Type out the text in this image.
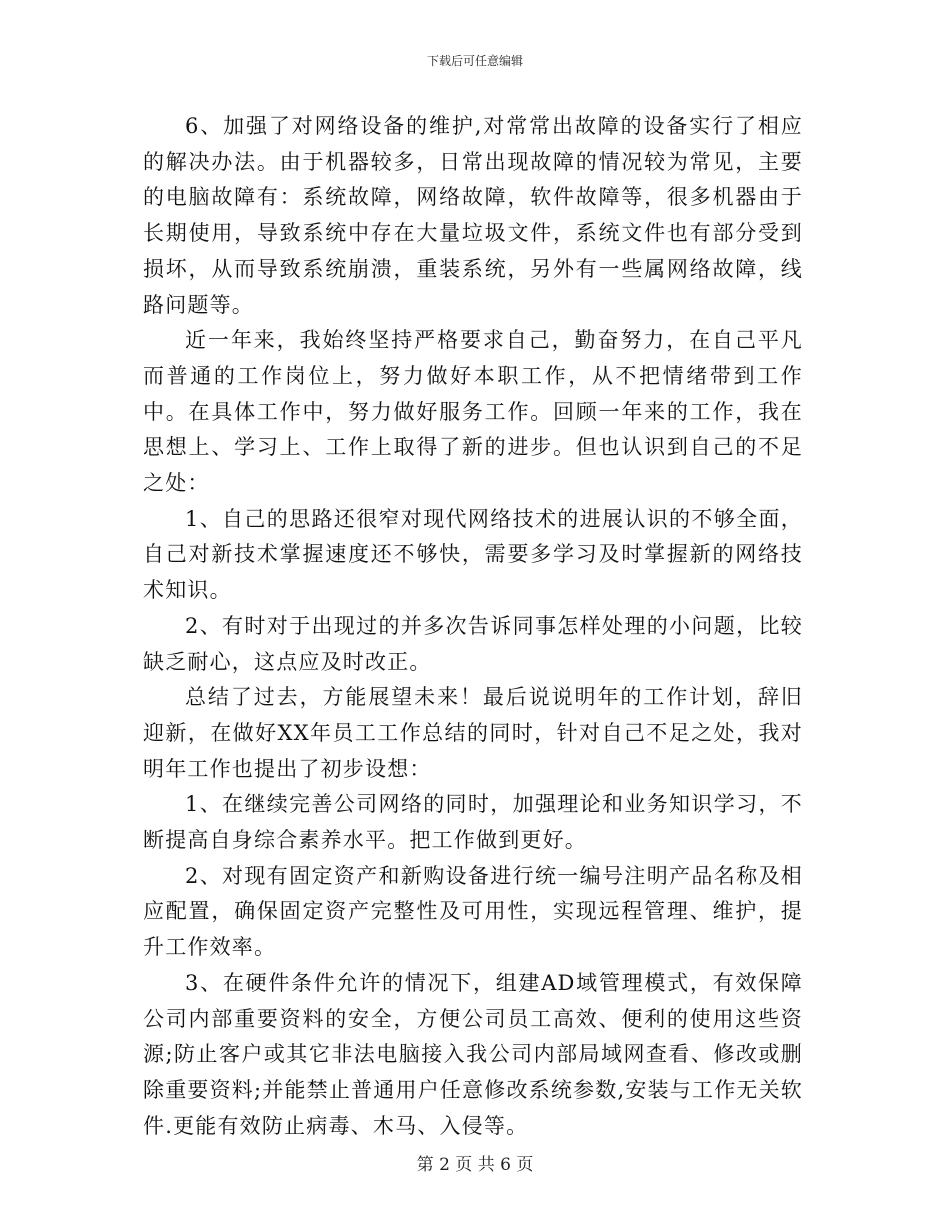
下载后可任意编辑

6、加强了对网络设备的维护,对常常出故障的设备实行了相应的解决办法。由于机器较多，日常出现故障的情况较为常见，主要的电脑故障有：系统故障，网络故障，软件故障等，很多机器由于长期使用，导致系统中存在大量垃圾文件，系统文件也有部分受到损坏，从而导致系统崩溃，重装系统，另外有一些属网络故障，线路问题等。

近一年来，我始终坚持严格要求自己，勤奋努力，在自己平凡而普通的工作岗位上，努力做好本职工作，从不把情绪带到工作中。在具体工作中，努力做好服务工作。回顾一年来的工作，我在思想上、学习上、工作上取得了新的进步。但也认识到自己的不足之处：

1、自己的思路还很窄对现代网络技术的进展认识的不够全面，自己对新技术掌握速度还不够快，需要多学习及时掌握新的网络技术知识。

2、有时对于出现过的并多次告诉同事怎样处理的小问题，比较缺乏耐心，这点应及时改正。

总结了过去，方能展望未来！最后说说明年的工作计划，辞旧迎新，在做好XX年员工工作总结的同时，针对自己不足之处，我对明年工作也提出了初步设想：

1、在继续完善公司网络的同时，加强理论和业务知识学习，不断提高自身综合素养水平。把工作做到更好。

2、对现有固定资产和新购设备进行统一编号注明产品名称及相应配置，确保固定资产完整性及可用性，实现远程管理、维护，提升工作效率。

3、在硬件条件允许的情况下，组建AD域管理模式，有效保障公司内部重要资料的安全，方便公司员工高效、便利的使用这些资源;防止客户或其它非法电脑接入我公司内部局域网查看、修改或删除重要资料;并能禁止普通用户任意修改系统参数,安装与工作无关软件.更能有效防止病毒、木马、入侵等。

第 2 页 共 6 页
